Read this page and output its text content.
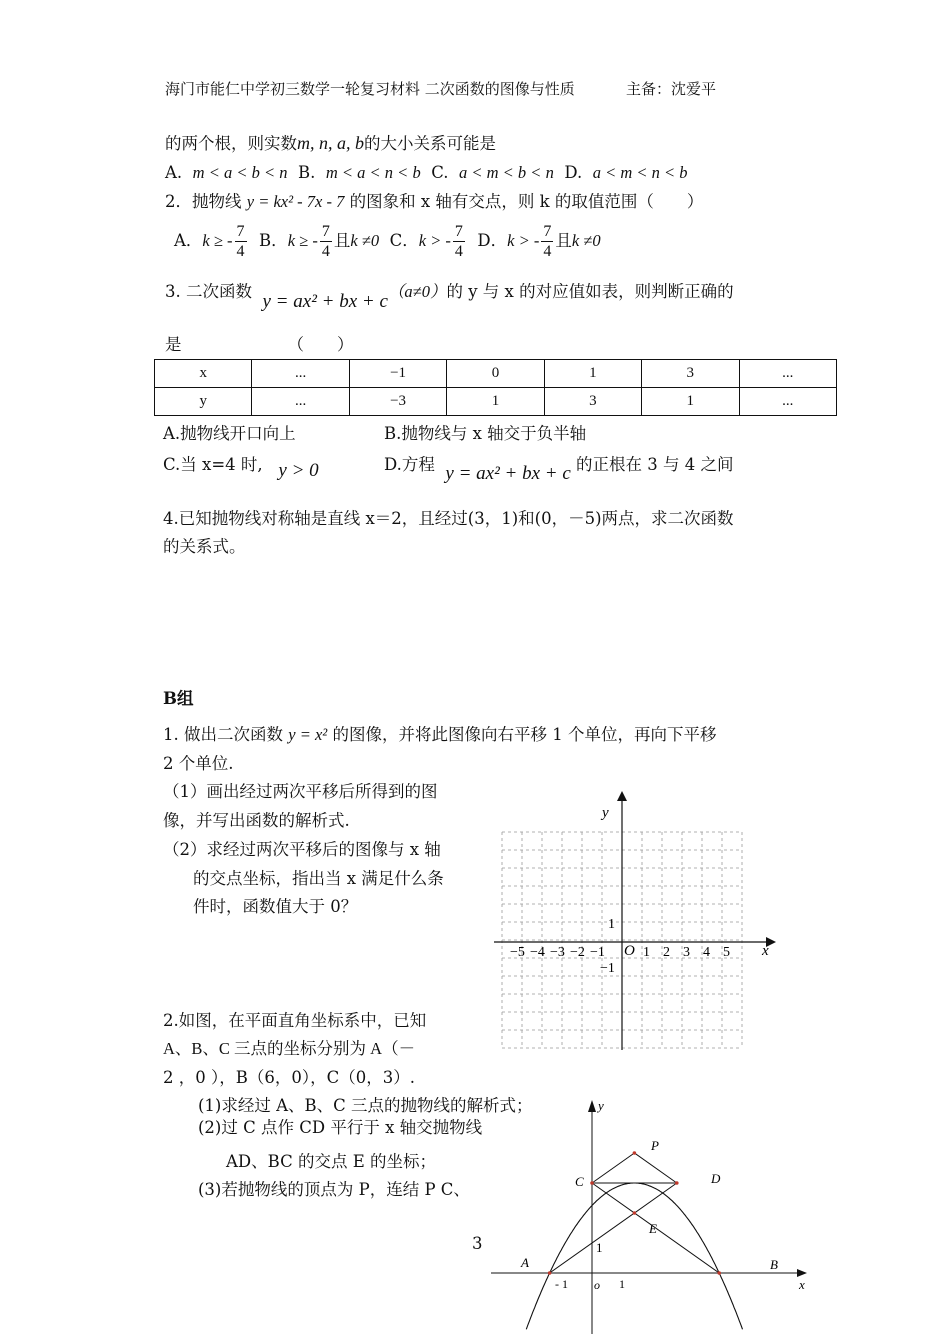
海门市能仁中学初三数学一轮复习材料 二次函数的图像与性质	主备：沈爱平
的两个根，则实数m, n, a, b的大小关系可能是
A. m < a < b < n B. m < a < n < b C. a < m < b < n D. a < m < n < b
2．抛物线 y = kx² - 7x - 7 的图象和 x 轴有交点，则 k 的取值范围（　　）
A．k ≥ - $\frac{7}{4}$ B．k ≥ - $\frac{7}{4}$ 且k ≠0 C．k > - $\frac{7}{4}$ D．k > - $\frac{7}{4}$ 且k ≠0
3. 二次函数 y = ax² + bx + c（a≠0）的 y 与 x 的对应值如表，则判断正确的
是	（　　）
x	...	−1	0	1	3	...
y	...	−3	1	3	1	...
A.抛物线开口向上	B.抛物线与 x 轴交于负半轴
C.当 x=4 时, y > 0	D.方程 y = ax² + bx + c 的正根在 3 与 4 之间
4.已知抛物线对称轴是直线 x＝2，且经过(3，1)和(0，－5)两点，求二次函数
的关系式。
B组
1. 做出二次函数 y = x² 的图像，并将此图像向右平移 1 个单位，再向下平移
2 个单位.
（1）画出经过两次平移后所得到的图
像，并写出函数的解析式.
（2）求经过两次平移后的图像与 x 轴
的交点坐标，指出当 x 满足什么条
件时，函数值大于 0？
y
x
O
1
−1
−5 −4 −3 −2 −1	1 2 3 4 5
2.如图，在平面直角坐标系中，已知
A、B、C 三点的坐标分别为 A（－
2 ，0 ），B（6，0），C（0，3）.
(1)求经过 A、B、C 三点的抛物线的解析式；
(2)过 C 点作 CD 平行于 x 轴交抛物线
AD、BC 的交点 E 的坐标；
(3)若抛物线的顶点为 P，连结 P C、
3
y
x
P
C	D
E
A	B
o
1
- 1	1
